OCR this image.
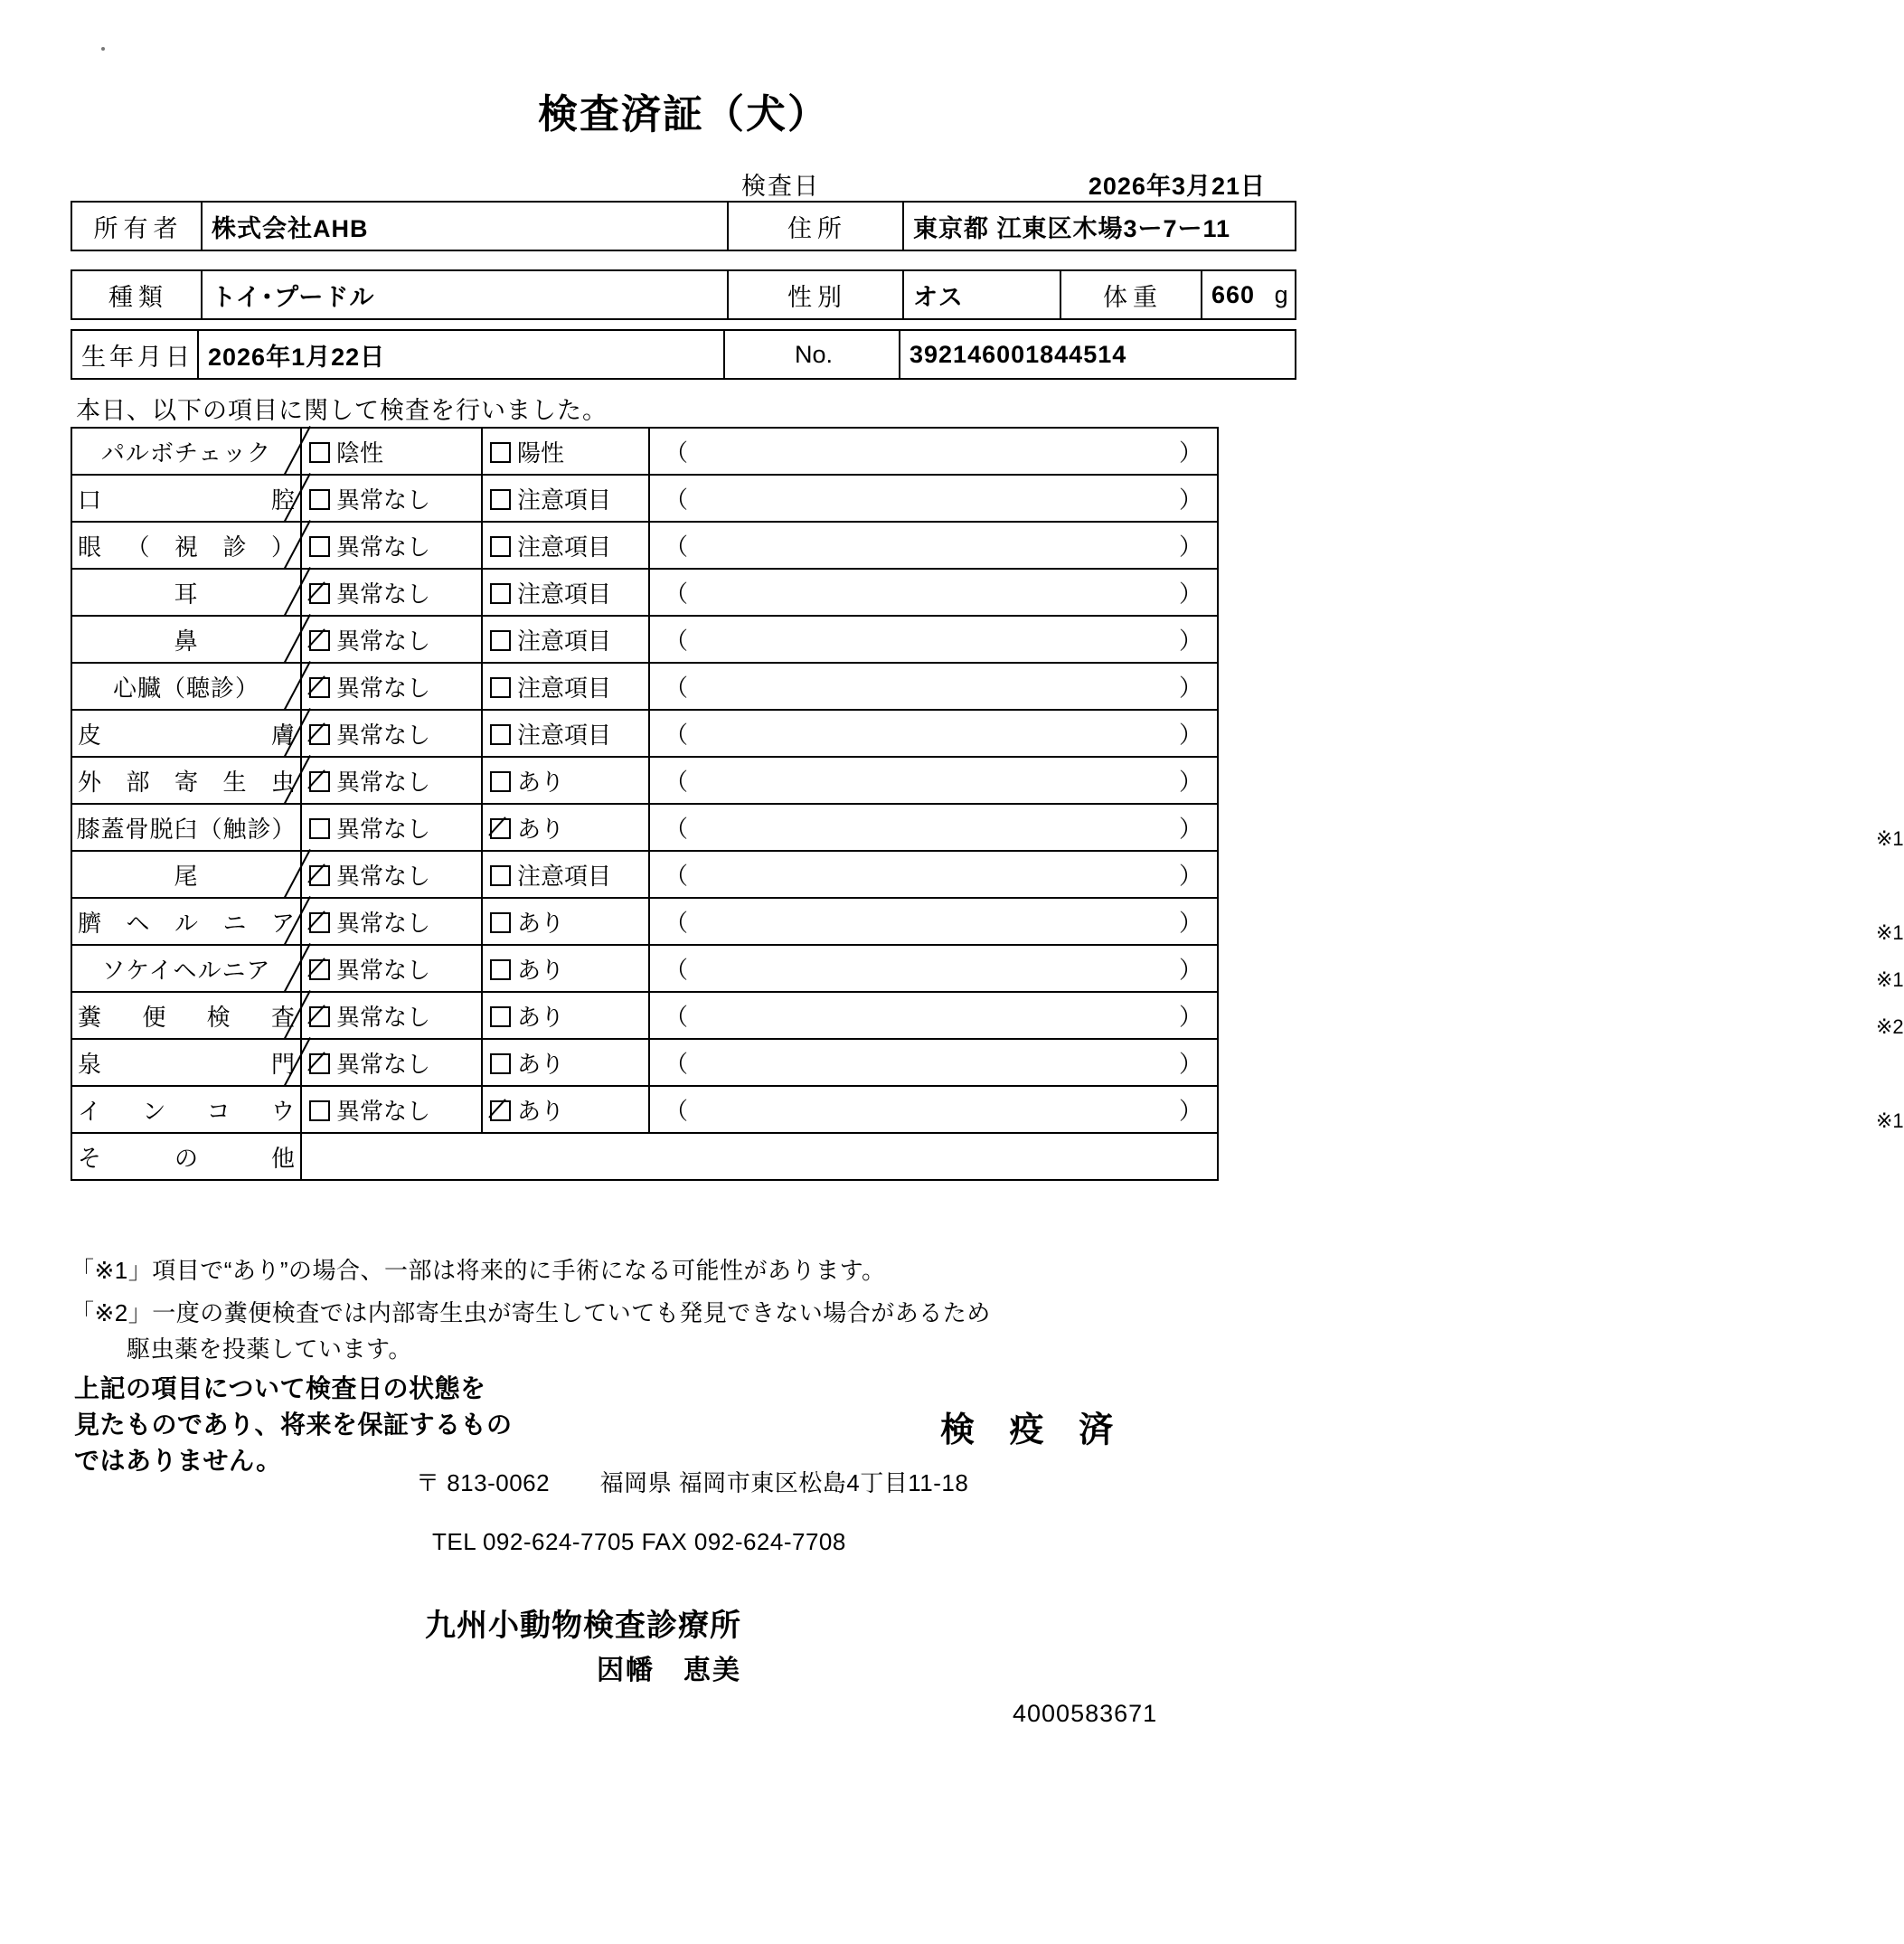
検査済証（犬）
検査日	2026年3月21日
所有者	株式会社AHB	住所	東京都 江東区木場3ー7ー11
種類	トイ･プードル	性別	オス	体重	660 g
生年月日	2026年1月22日	No.	392146001844514
本日、以下の項目に関して検査を行いました。
パルボチェック	陰性	陽性	（ ）

口 腔	異常なし	注意項目	（ ）

眼 （ 視 診 ）	異常なし	注意項目	（ ）

耳	異常なし	注意項目	（ ）

鼻	異常なし	注意項目	（ ）

心臓（聴診）	異常なし	注意項目	（ ）

皮 膚	異常なし	注意項目	（ ）

外 部 寄 生 虫	異常なし	あり	（ ）

膝蓋骨脱臼（触診）	異常なし	あり	（ ） ※1

尾	異常なし	注意項目	（ ）

臍 ヘ ル ニ ア	異常なし	あり	（ ） ※1

ソケイヘルニア	異常なし	あり	（ ） ※1

糞 便 検 査	異常なし	あり	（ ） ※2

泉 門	異常なし	あり	（ ）

イ ン コ ウ	異常なし	あり	（ ） ※1

そ の 他			

「※1」項目で“あり”の場合、一部は将来的に手術になる可能性があります。
「※2」一度の糞便検査では内部寄生虫が寄生していても発見できない場合があるため
駆虫薬を投薬しています。
上記の項目について検査日の状態を
見たものであり、将来を保証するもの
ではありません。
検 疫 済
〒 813-0062 福岡県 福岡市東区松島4丁目11-18
TEL 092-624-7705 FAX 092-624-7708
九州小動物検査診療所
因幡　恵美
4000583671
